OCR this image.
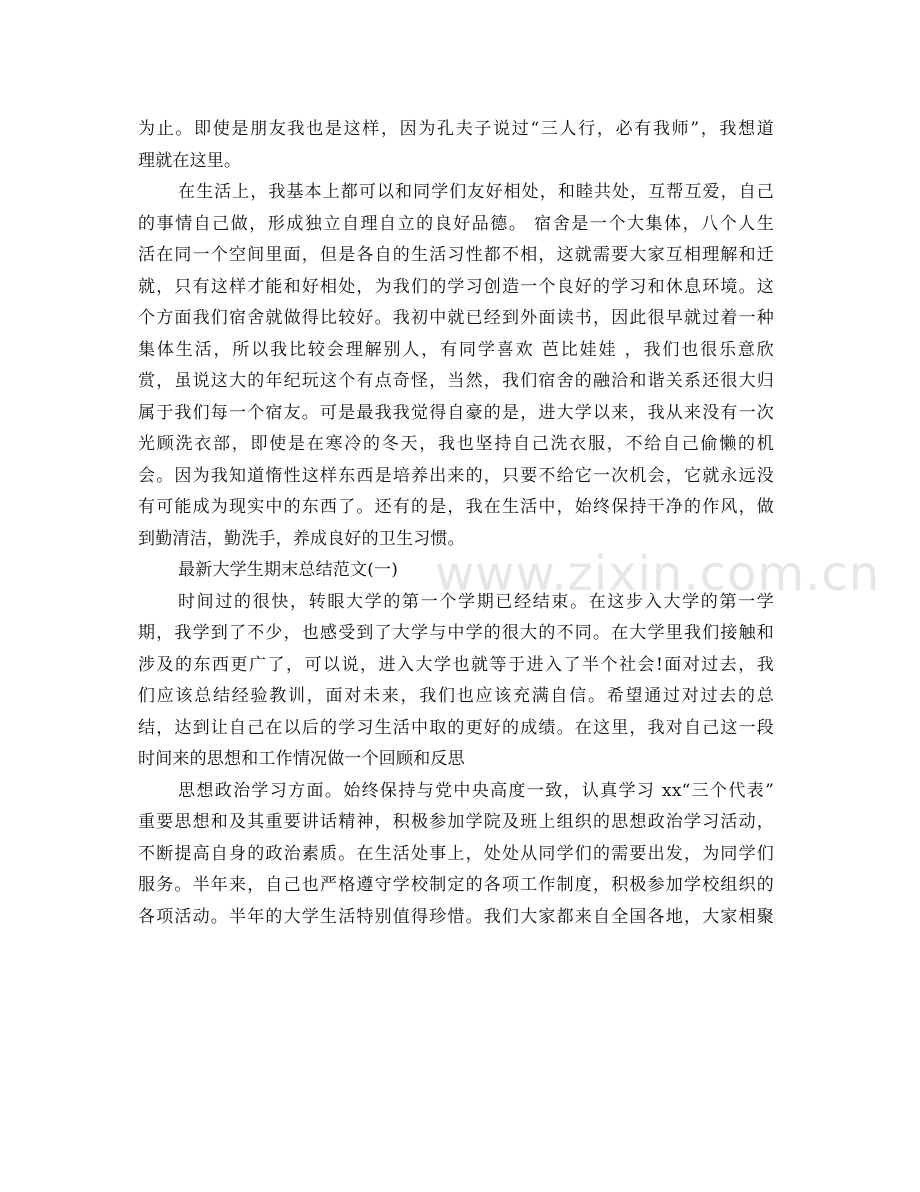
www.zixin.com.cn
为止。即使是朋友我也是这样，因为孔夫子说过“三人行，必有我师”，我想道
理就在这里。
在生活上，我基本上都可以和同学们友好相处，和睦共处，互帮互爱，自己
的事情自己做，形成独立自理自立的良好品德。 宿舍是一个大集体，八个人生
活在同一个空间里面，但是各自的生活习性都不相，这就需要大家互相理解和迁
就，只有这样才能和好相处，为我们的学习创造一个良好的学习和休息环境。这
个方面我们宿舍就做得比较好。我初中就已经到外面读书，因此很早就过着一种
集体生活，所以我比较会理解别人，有同学喜欢 芭比娃娃 ，我们也很乐意欣
赏，虽说这大的年纪玩这个有点奇怪，当然，我们宿舍的融洽和谐关系还很大归
属于我们每一个宿友。可是最我我觉得自豪的是，进大学以来，我从来没有一次
光顾洗衣部，即使是在寒冷的冬天，我也坚持自己洗衣服，不给自己偷懒的机
会。因为我知道惰性这样东西是培养出来的，只要不给它一次机会，它就永远没
有可能成为现实中的东西了。还有的是，我在生活中，始终保持干净的作风，做
到勤清洁，勤洗手，养成良好的卫生习惯。
最新大学生期末总结范文(一)
时间过的很快，转眼大学的第一个学期已经结束。在这步入大学的第一学
期，我学到了不少，也感受到了大学与中学的很大的不同。在大学里我们接触和
涉及的东西更广了，可以说，进入大学也就等于进入了半个社会!面对过去，我
们应该总结经验教训，面对未来，我们也应该充满自信。希望通过对过去的总
结，达到让自己在以后的学习生活中取的更好的成绩。在这里，我对自己这一段
时间来的思想和工作情况做一个回顾和反思
思想政治学习方面。始终保持与党中央高度一致，认真学习 xx“三个代表”
重要思想和及其重要讲话精神，积极参加学院及班上组织的思想政治学习活动，
不断提高自身的政治素质。在生活处事上，处处从同学们的需要出发，为同学们
服务。半年来，自己也严格遵守学校制定的各项工作制度，积极参加学校组织的
各项活动。半年的大学生活特别值得珍惜。我们大家都来自全国各地，大家相聚
